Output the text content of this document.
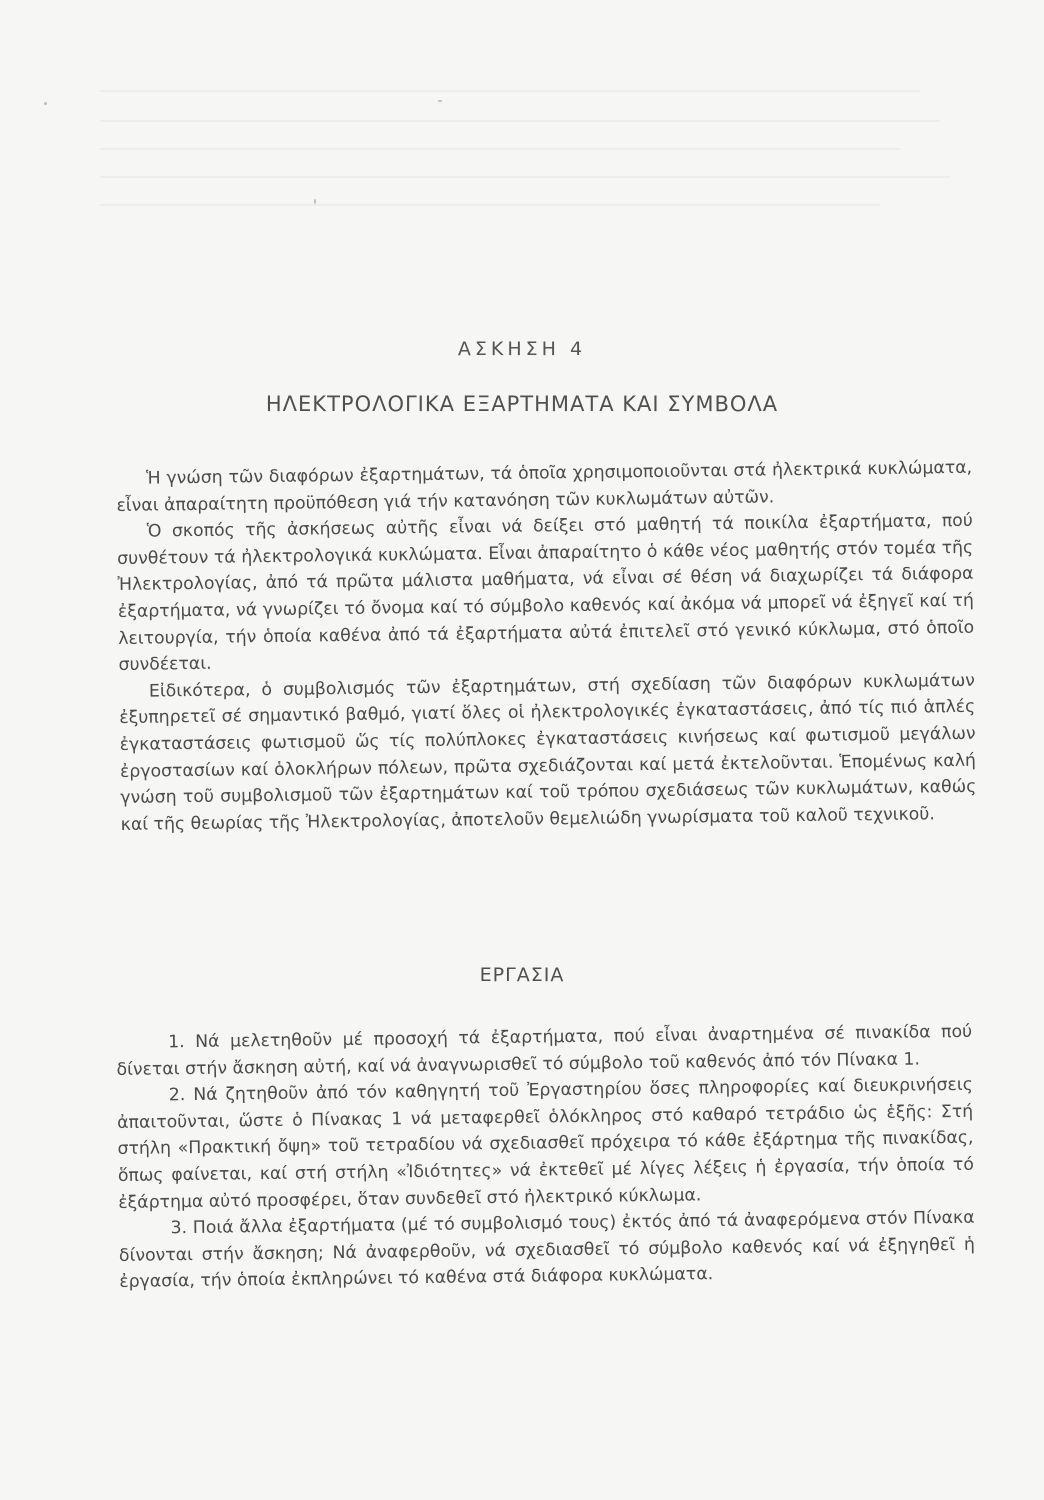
ΑΣΚΗΣΗ 4
ΗΛΕΚΤΡΟΛΟΓΙΚΑ ΕΞΑΡΤΗΜΑΤΑ ΚΑΙ ΣΥΜΒΟΛΑ

Ἡ γνώση τῶν διαφόρων ἐξαρτημάτων, τά ὁποῖα χρησιμοποιοῦνται στά ἠλεκτρικά κυκλώματα, εἶναι ἀπαραίτητη προϋπόθεση γιά τήν κατανόηση τῶν κυκλωμάτων αὐτῶν.

Ὁ σκοπός τῆς ἀσκήσεως αὐτῆς εἶναι νά δείξει στό μαθητή τά ποικίλα ἐξαρτήματα, πού συνθέτουν τά ἠλεκτρολογικά κυκλώματα. Εἶναι ἀπαραίτητο ὁ κάθε νέος μαθητής στόν τομέα τῆς Ἠλεκτρολογίας, ἀπό τά πρῶτα μάλιστα μαθήματα, νά εἶναι σέ θέση νά διαχωρίζει τά διάφορα ἐξαρτήματα, νά γνωρίζει τό ὄνομα καί τό σύμβολο καθενός καί ἀκόμα νά μπορεῖ νά ἐξηγεῖ καί τή λειτουργία, τήν ὁποία καθένα ἀπό τά ἐξαρτήματα αὐτά ἐπιτελεῖ στό γενικό κύκλωμα, στό ὁποῖο συνδέεται.

Εἰδικότερα, ὁ συμβολισμός τῶν ἐξαρτημάτων, στή σχεδίαση τῶν διαφόρων κυκλωμάτων ἐξυπηρετεῖ σέ σημαντικό βαθμό, γιατί ὅλες οἱ ἠλεκτρολογικές ἐγκαταστάσεις, ἀπό τίς πιό ἁπλές ἐγκαταστάσεις φωτισμοῦ ὥς τίς πολύπλοκες ἐγκαταστάσεις κινήσεως καί φωτισμοῦ μεγάλων ἐργοστασίων καί ὁλοκλήρων πόλεων, πρῶτα σχεδιάζονται καί μετά ἐκτελοῦνται. Ἑπομένως καλή γνώση τοῦ συμβολισμοῦ τῶν ἐξαρτημάτων καί τοῦ τρόπου σχεδιάσεως τῶν κυκλωμάτων, καθώς καί τῆς θεωρίας τῆς Ἠλεκτρολογίας, ἀποτελοῦν θεμελιώδη γνωρίσματα τοῦ καλοῦ τεχνικοῦ.

ΕΡΓΑΣΙΑ

1. Νά μελετηθοῦν μέ προσοχή τά ἐξαρτήματα, πού εἶναι ἀναρτημένα σέ πινακίδα πού δίνεται στήν ἄσκηση αὐτή, καί νά ἀναγνωρισθεῖ τό σύμβολο τοῦ καθενός ἀπό τόν Πίνακα 1.

2. Νά ζητηθοῦν ἀπό τόν καθηγητή τοῦ Ἐργαστηρίου ὅσες πληροφορίες καί διευκρινήσεις ἀπαιτοῦνται, ὥστε ὁ Πίνακας 1 νά μεταφερθεῖ ὁλόκληρος στό καθαρό τετράδιο ὡς ἑξῆς: Στή στήλη «Πρακτική ὄψη» τοῦ τετραδίου νά σχεδιασθεῖ πρόχειρα τό κάθε ἐξάρτημα τῆς πινακίδας, ὅπως φαίνεται, καί στή στήλη «Ἰδιότητες» νά ἐκτεθεῖ μέ λίγες λέξεις ἡ ἐργασία, τήν ὁποία τό ἐξάρτημα αὐτό προσφέρει, ὅταν συνδεθεῖ στό ἠλεκτρικό κύκλωμα.

3. Ποιά ἄλλα ἐξαρτήματα (μέ τό συμβολισμό τους) ἐκτός ἀπό τά ἀναφερόμενα στόν Πίνακα δίνονται στήν ἄσκηση; Νά ἀναφερθοῦν, νά σχεδιασθεῖ τό σύμβολο καθενός καί νά ἐξηγηθεῖ ἡ ἐργασία, τήν ὁποία ἐκπληρώνει τό καθένα στά διάφορα κυκλώματα.
